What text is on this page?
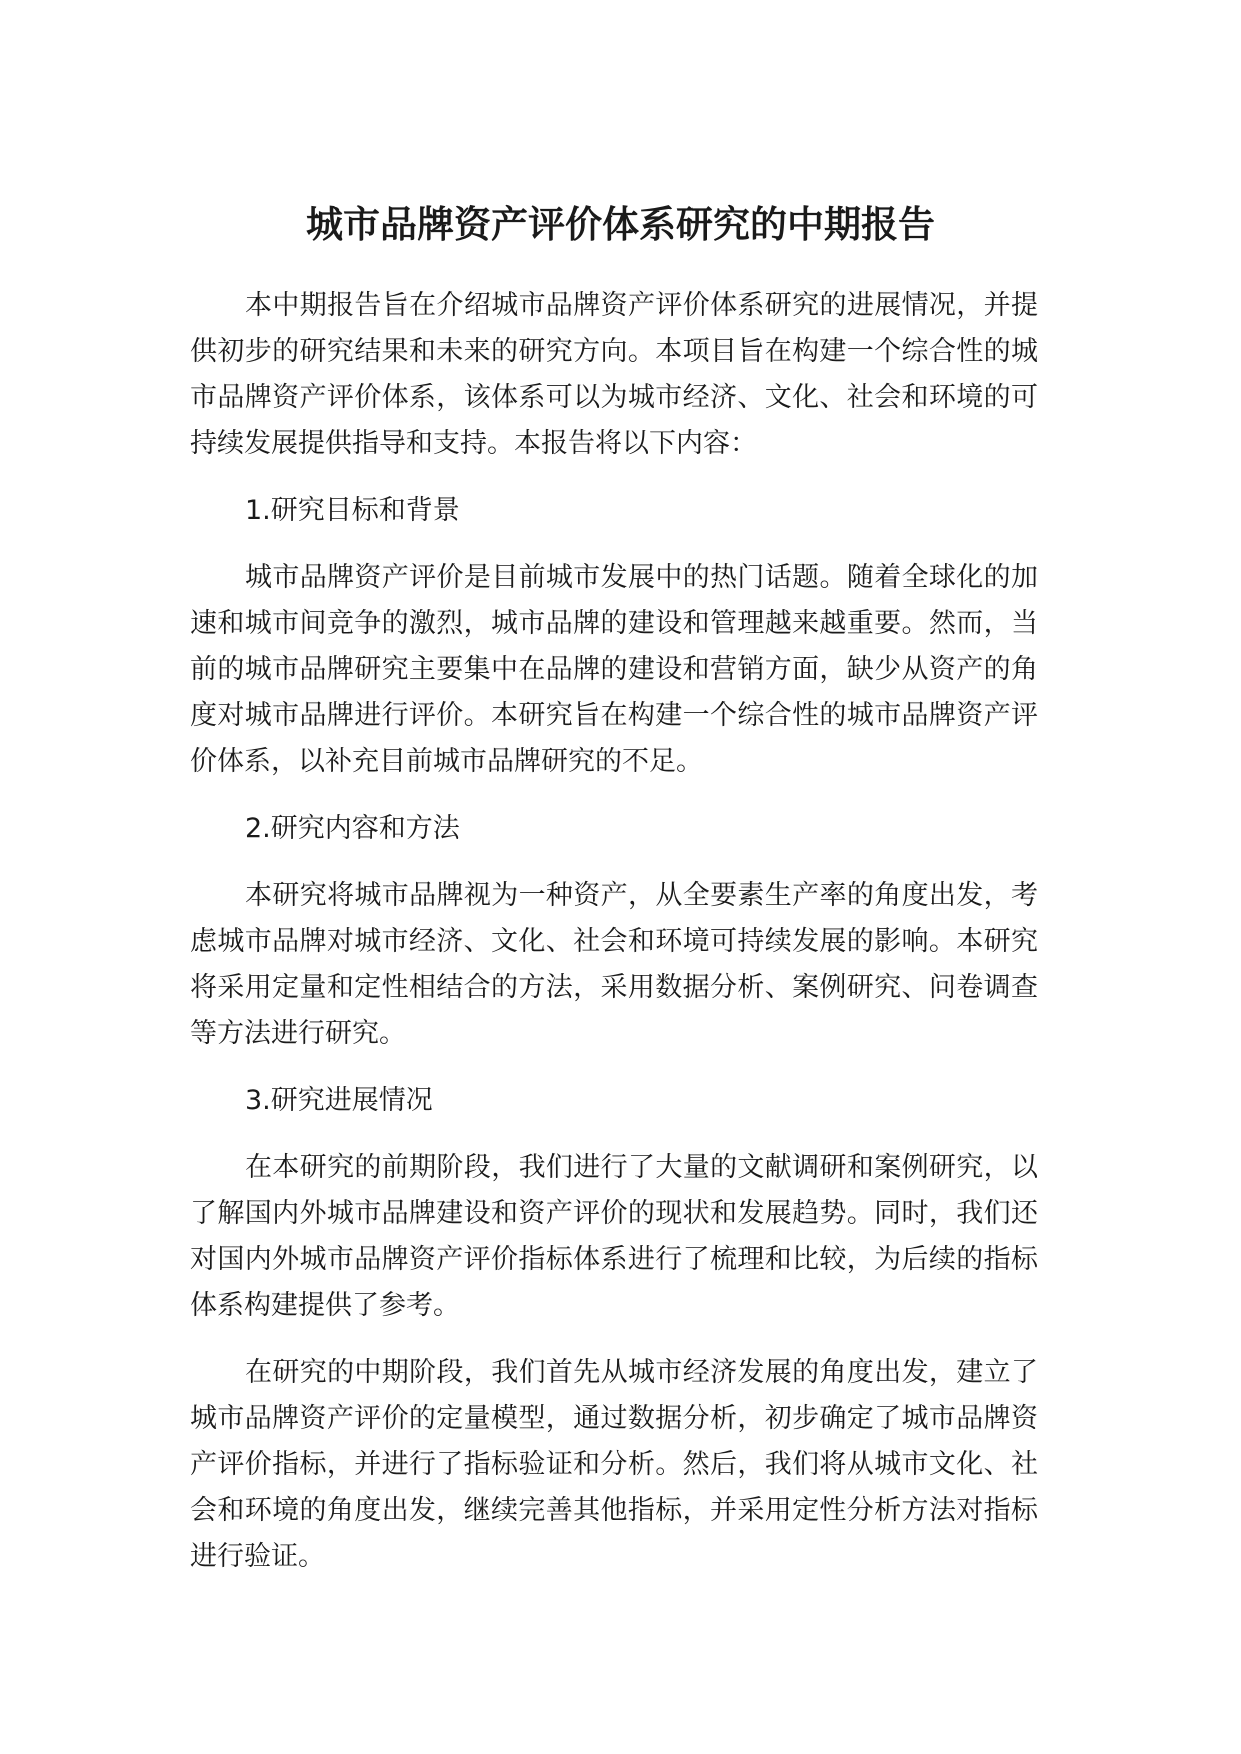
城市品牌资产评价体系研究的中期报告

本中期报告旨在介绍城市品牌资产评价体系研究的进展情况，并提供初步的研究结果和未来的研究方向。本项目旨在构建一个综合性的城市品牌资产评价体系，该体系可以为城市经济、文化、社会和环境的可持续发展提供指导和支持。本报告将以下内容：

1.研究目标和背景

城市品牌资产评价是目前城市发展中的热门话题。随着全球化的加速和城市间竞争的激烈，城市品牌的建设和管理越来越重要。然而，当前的城市品牌研究主要集中在品牌的建设和营销方面，缺少从资产的角度对城市品牌进行评价。本研究旨在构建一个综合性的城市品牌资产评价体系，以补充目前城市品牌研究的不足。

2.研究内容和方法

本研究将城市品牌视为一种资产，从全要素生产率的角度出发，考虑城市品牌对城市经济、文化、社会和环境可持续发展的影响。本研究将采用定量和定性相结合的方法，采用数据分析、案例研究、问卷调查等方法进行研究。

3.研究进展情况

在本研究的前期阶段，我们进行了大量的文献调研和案例研究，以了解国内外城市品牌建设和资产评价的现状和发展趋势。同时，我们还对国内外城市品牌资产评价指标体系进行了梳理和比较，为后续的指标体系构建提供了参考。

在研究的中期阶段，我们首先从城市经济发展的角度出发，建立了城市品牌资产评价的定量模型，通过数据分析，初步确定了城市品牌资产评价指标，并进行了指标验证和分析。然后，我们将从城市文化、社会和环境的角度出发，继续完善其他指标，并采用定性分析方法对指标进行验证。
